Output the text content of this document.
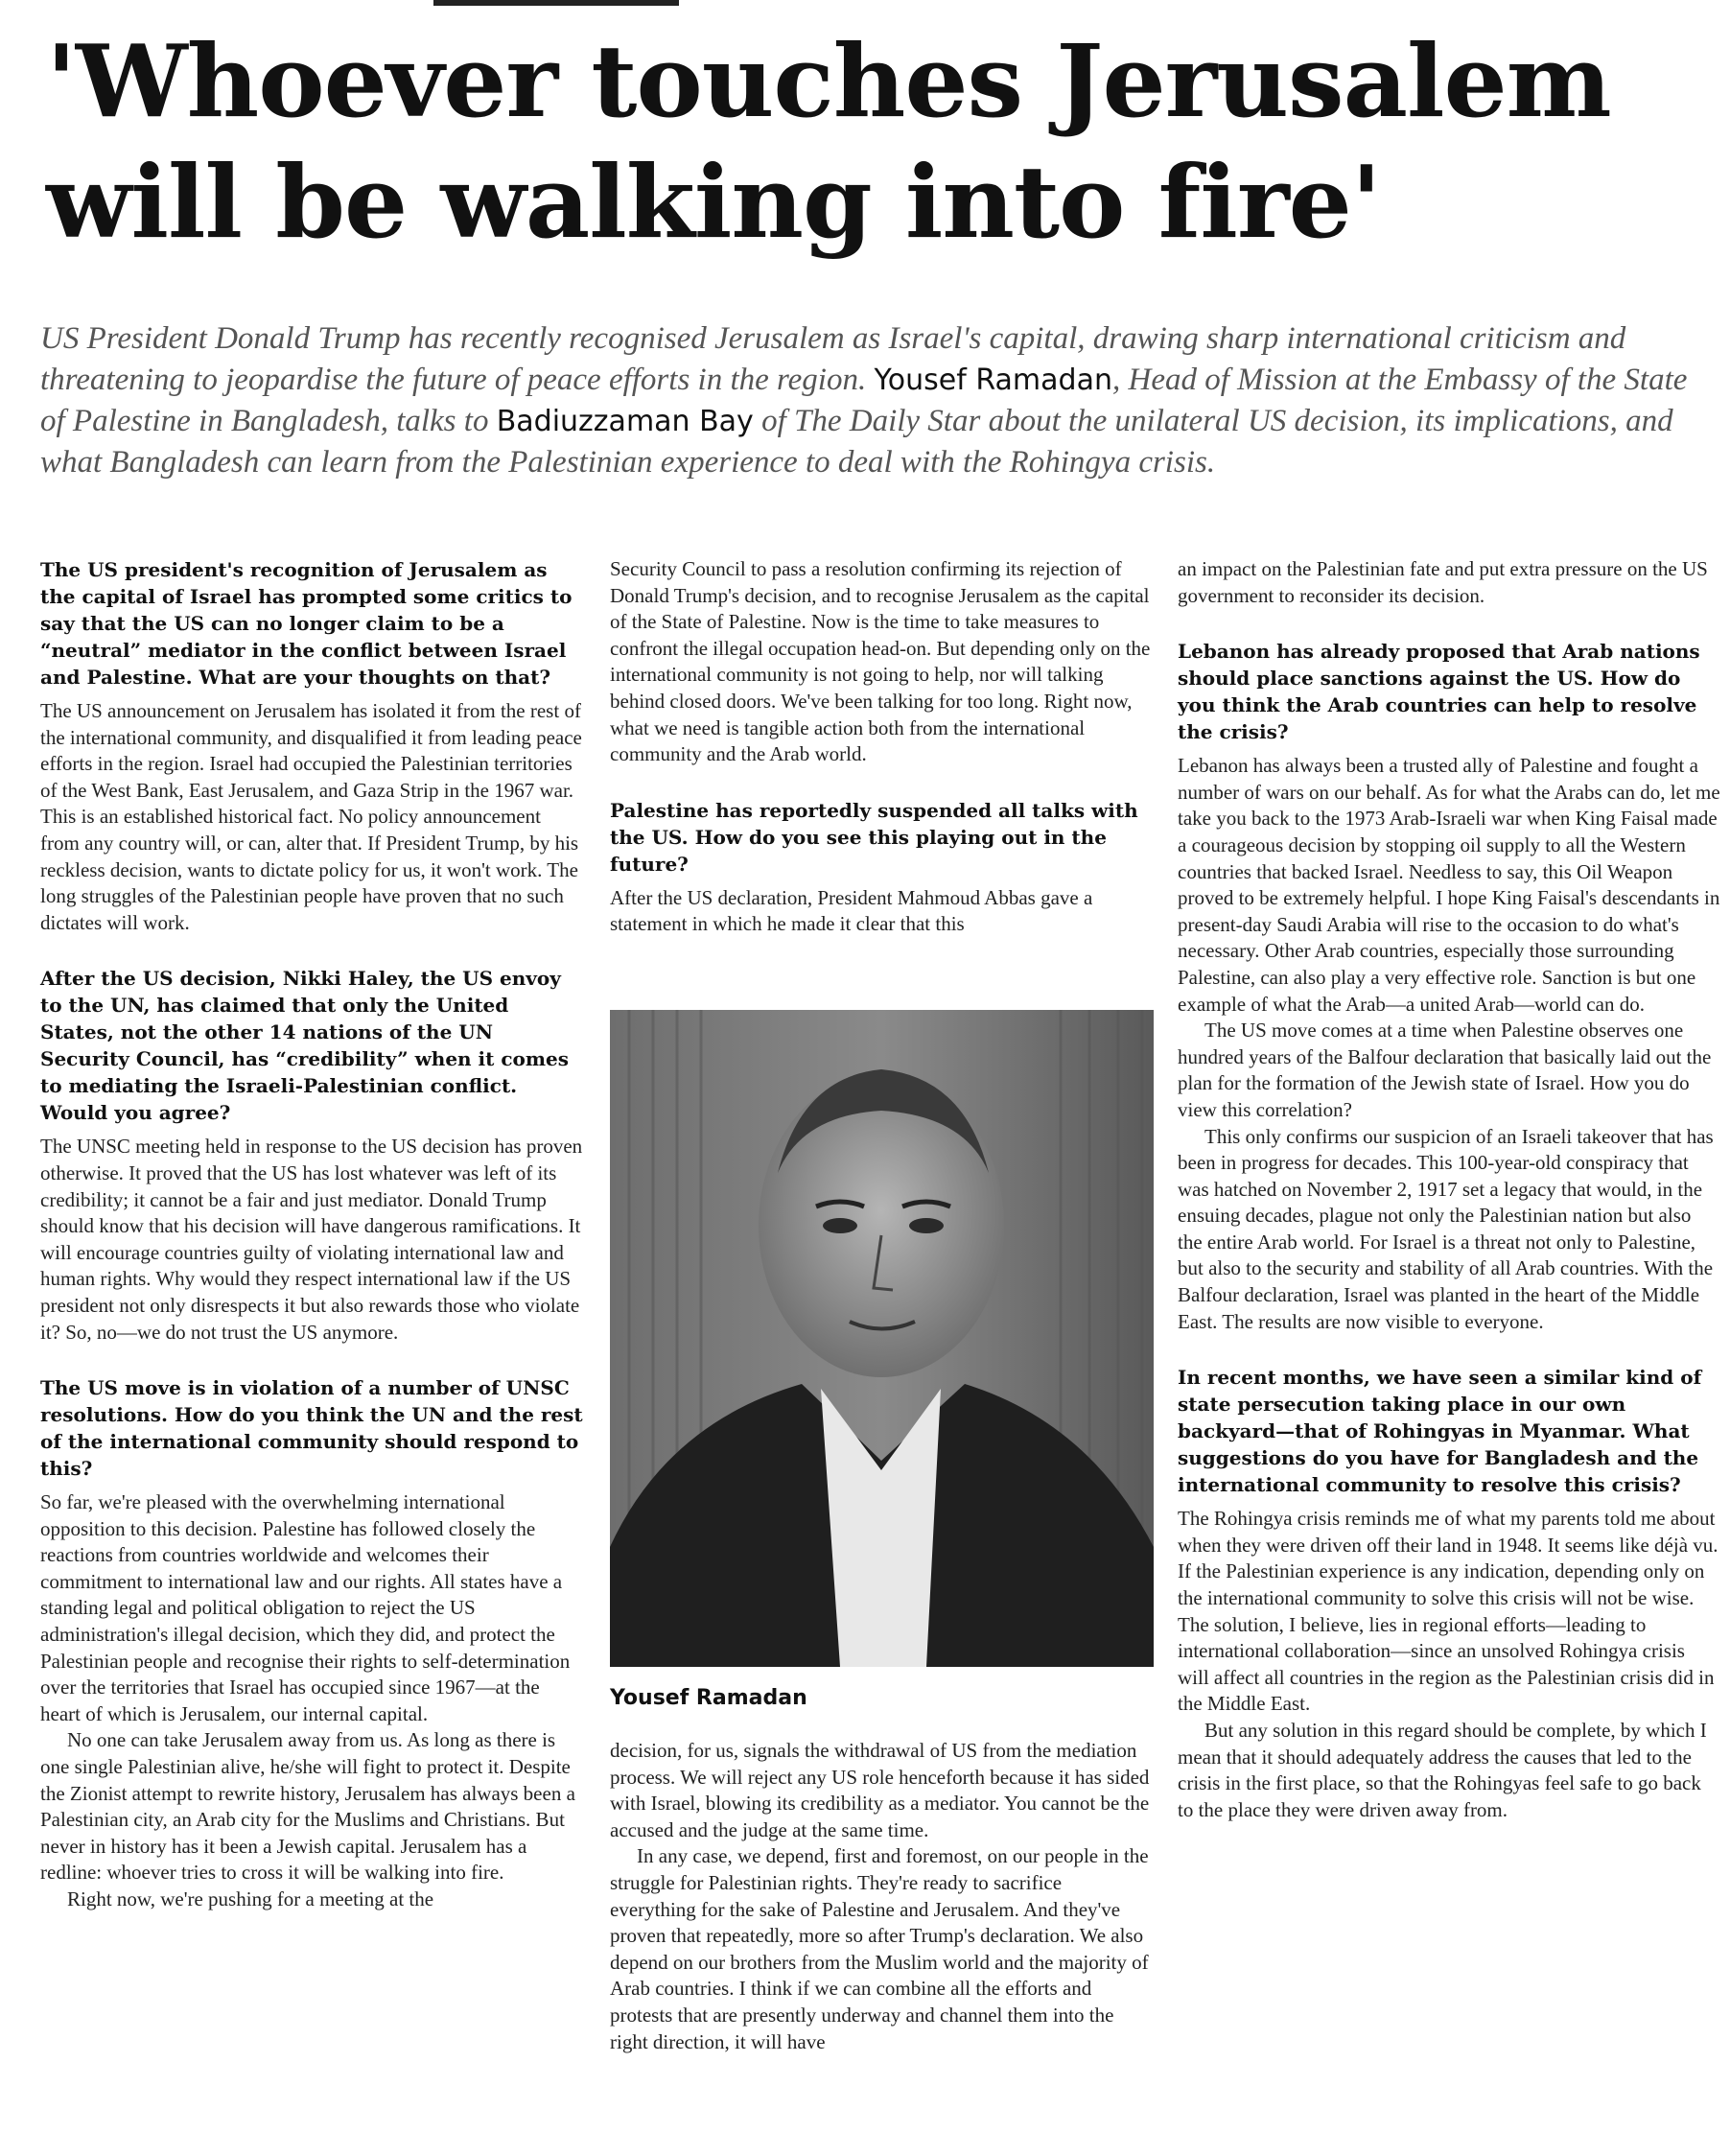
'Whoever touches Jerusalem
will be walking into fire'

US President Donald Trump has recently recognised Jerusalem as Israel's capital, drawing sharp international criticism and threatening to jeopardise the future of peace efforts in the region. Yousef Ramadan, Head of Mission at the Embassy of the State of Palestine in Bangladesh, talks to Badiuzzaman Bay of The Daily Star about the unilateral US decision, its implications, and what Bangladesh can learn from the Palestinian experience to deal with the Rohingya crisis.

The US president's recognition of Jerusalem as the capital of Israel has prompted some critics to say that the US can no longer claim to be a “neutral” mediator in the conflict between Israel and Palestine. What are your thoughts on that?

The US announcement on Jerusalem has isolated it from the rest of the international community, and disqualified it from leading peace efforts in the region. Israel had occupied the Palestinian territories of the West Bank, East Jerusalem, and Gaza Strip in the 1967 war. This is an established historical fact. No policy announcement from any country will, or can, alter that. If President Trump, by his reckless decision, wants to dictate policy for us, it won't work. The long struggles of the Palestinian people have proven that no such dictates will work.

After the US decision, Nikki Haley, the US envoy to the UN, has claimed that only the United States, not the other 14 nations of the UN Security Council, has “credibility” when it comes to mediating the Israeli-Palestinian conflict. Would you agree?

The UNSC meeting held in response to the US decision has proven otherwise. It proved that the US has lost whatever was left of its credibility; it cannot be a fair and just mediator. Donald Trump should know that his decision will have dangerous ramifications. It will encourage countries guilty of violating international law and human rights. Why would they respect international law if the US president not only disrespects it but also rewards those who violate it? So, no—we do not trust the US anymore.

The US move is in violation of a number of UNSC resolutions. How do you think the UN and the rest of the international community should respond to this?

So far, we're pleased with the overwhelming international opposition to this decision. Palestine has followed closely the reactions from countries worldwide and welcomes their commitment to international law and our rights. All states have a standing legal and political obligation to reject the US administration's illegal decision, which they did, and protect the Palestinian people and recognise their rights to self-determination over the territories that Israel has occupied since 1967—at the heart of which is Jerusalem, our internal capital.

No one can take Jerusalem away from us. As long as there is one single Palestinian alive, he/she will fight to protect it. Despite the Zionist attempt to rewrite history, Jerusalem has always been a Palestinian city, an Arab city for the Muslims and Christians. But never in history has it been a Jewish capital. Jerusalem has a redline: whoever tries to cross it will be walking into fire.

Right now, we're pushing for a meeting at the

Security Council to pass a resolution confirming its rejection of Donald Trump's decision, and to recognise Jerusalem as the capital of the State of Palestine. Now is the time to take measures to confront the illegal occupation head-on. But depending only on the international community is not going to help, nor will talking behind closed doors. We've been talking for too long. Right now, what we need is tangible action both from the international community and the Arab world.

Palestine has reportedly suspended all talks with the US. How do you see this playing out in the future?

After the US declaration, President Mahmoud Abbas gave a statement in which he made it clear that this

Yousef Ramadan

decision, for us, signals the withdrawal of US from the mediation process. We will reject any US role henceforth because it has sided with Israel, blowing its credibility as a mediator. You cannot be the accused and the judge at the same time.

In any case, we depend, first and foremost, on our people in the struggle for Palestinian rights. They're ready to sacrifice everything for the sake of Palestine and Jerusalem. And they've proven that repeatedly, more so after Trump's declaration. We also depend on our brothers from the Muslim world and the majority of Arab countries. I think if we can combine all the efforts and protests that are presently underway and channel them into the right direction, it will have

an impact on the Palestinian fate and put extra pressure on the US government to reconsider its decision.

Lebanon has already proposed that Arab nations should place sanctions against the US. How do you think the Arab countries can help to resolve the crisis?

Lebanon has always been a trusted ally of Palestine and fought a number of wars on our behalf. As for what the Arabs can do, let me take you back to the 1973 Arab-Israeli war when King Faisal made a courageous decision by stopping oil supply to all the Western countries that backed Israel. Needless to say, this Oil Weapon proved to be extremely helpful. I hope King Faisal's descendants in present-day Saudi Arabia will rise to the occasion to do what's necessary. Other Arab countries, especially those surrounding Palestine, can also play a very effective role. Sanction is but one example of what the Arab—a united Arab—world can do.

The US move comes at a time when Palestine observes one hundred years of the Balfour declaration that basically laid out the plan for the formation of the Jewish state of Israel. How you do view this correlation?

This only confirms our suspicion of an Israeli takeover that has been in progress for decades. This 100-year-old conspiracy that was hatched on November 2, 1917 set a legacy that would, in the ensuing decades, plague not only the Palestinian nation but also the entire Arab world. For Israel is a threat not only to Palestine, but also to the security and stability of all Arab countries. With the Balfour declaration, Israel was planted in the heart of the Middle East. The results are now visible to everyone.

In recent months, we have seen a similar kind of state persecution taking place in our own backyard—that of Rohingyas in Myanmar. What suggestions do you have for Bangladesh and the international community to resolve this crisis?

The Rohingya crisis reminds me of what my parents told me about when they were driven off their land in 1948. It seems like déjà vu. If the Palestinian experience is any indication, depending only on the international community to solve this crisis will not be wise. The solution, I believe, lies in regional efforts—leading to international collaboration—since an unsolved Rohingya crisis will affect all countries in the region as the Palestinian crisis did in the Middle East.

But any solution in this regard should be complete, by which I mean that it should adequately address the causes that led to the crisis in the first place, so that the Rohingyas feel safe to go back to the place they were driven away from.
